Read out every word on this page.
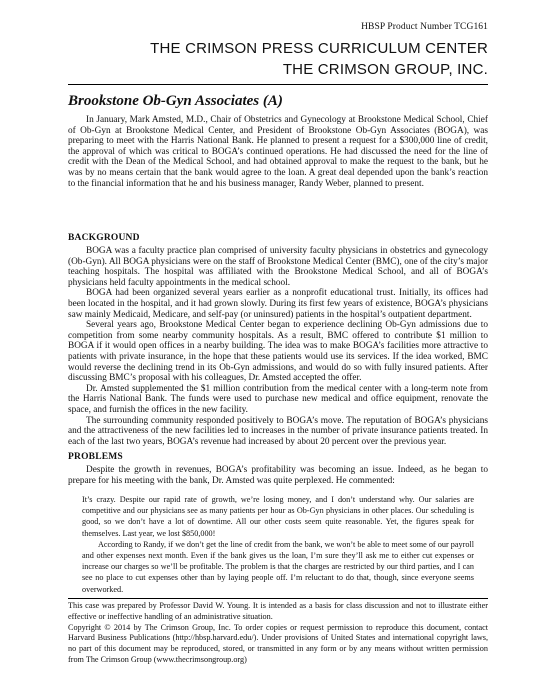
HBSP Product Number TCG161
THE CRIMSON PRESS CURRICULUM CENTER
THE CRIMSON GROUP, INC.
Brookstone Ob-Gyn Associates (A)

In January, Mark Amsted, M.D., Chair of Obstetrics and Gynecology at Brookstone Medical School, Chief of Ob-Gyn at Brookstone Medical Center, and President of Brookstone Ob-Gyn Associates (BOGA), was preparing to meet with the Harris National Bank. He planned to present a request for a $300,000 line of credit, the approval of which was critical to BOGA’s continued operations. He had discussed the need for the line of credit with the Dean of the Medical School, and had obtained approval to make the request to the bank, but he was by no means certain that the bank would agree to the loan. A great deal depended upon the bank’s reaction to the financial information that he and his business manager, Randy Weber, planned to present.

BACKGROUND

BOGA was a faculty practice plan comprised of university faculty physicians in obstetrics and gynecology (Ob-Gyn). All BOGA physicians were on the staff of Brookstone Medical Center (BMC), one of the city’s major teaching hospitals. The hospital was affiliated with the Brookstone Medical School, and all of BOGA’s physicians held faculty appointments in the medical school.

BOGA had been organized several years earlier as a nonprofit educational trust. Initially, its offices had been located in the hospital, and it had grown slowly. During its first few years of existence, BOGA’s physicians saw mainly Medicaid, Medicare, and self-pay (or uninsured) patients in the hospital’s outpatient department.

Several years ago, Brookstone Medical Center began to experience declining Ob-Gyn admissions due to competition from some nearby community hospitals. As a result, BMC offered to contribute $1 million to BOGA if it would open offices in a nearby building. The idea was to make BOGA’s facilities more attractive to patients with private insurance, in the hope that these patients would use its services. If the idea worked, BMC would reverse the declining trend in its Ob-Gyn admissions, and would do so with fully insured patients. After discussing BMC’s proposal with his colleagues, Dr. Amsted accepted the offer.

Dr. Amsted supplemented the $1 million contribution from the medical center with a long-term note from the Harris National Bank. The funds were used to purchase new medical and office equipment, renovate the space, and furnish the offices in the new facility.

The surrounding community responded positively to BOGA’s move. The reputation of BOGA’s physicians and the attractiveness of the new facilities led to increases in the number of private insurance patients treated. In each of the last two years, BOGA’s revenue had increased by about 20 percent over the previous year.

PROBLEMS

Despite the growth in revenues, BOGA’s profitability was becoming an issue. Indeed, as he began to prepare for his meeting with the bank, Dr. Amsted was quite perplexed. He commented:

It’s crazy. Despite our rapid rate of growth, we’re losing money, and I don’t understand why. Our salaries are competitive and our physicians see as many patients per hour as Ob-Gyn physicians in other places. Our scheduling is good, so we don’t have a lot of downtime. All our other costs seem quite reasonable. Yet, the figures speak for themselves. Last year, we lost $850,000!

According to Randy, if we don’t get the line of credit from the bank, we won’t be able to meet some of our payroll and other expenses next month. Even if the bank gives us the loan, I’m sure they’ll ask me to either cut expenses or increase our charges so we’ll be profitable. The problem is that the charges are restricted by our third parties, and I can see no place to cut expenses other than by laying people off. I’m reluctant to do that, though, since everyone seems overworked.

This case was prepared by Professor David W. Young. It is intended as a basis for class discussion and not to illustrate either effective or ineffective handling of an administrative situation.

Copyright © 2014 by The Crimson Group, Inc. To order copies or request permission to reproduce this document, contact Harvard Business Publications (http://hbsp.harvard.edu/). Under provisions of United States and international copyright laws, no part of this document may be reproduced, stored, or transmitted in any form or by any means without written permission from The Crimson Group (www.thecrimsongroup.org)
